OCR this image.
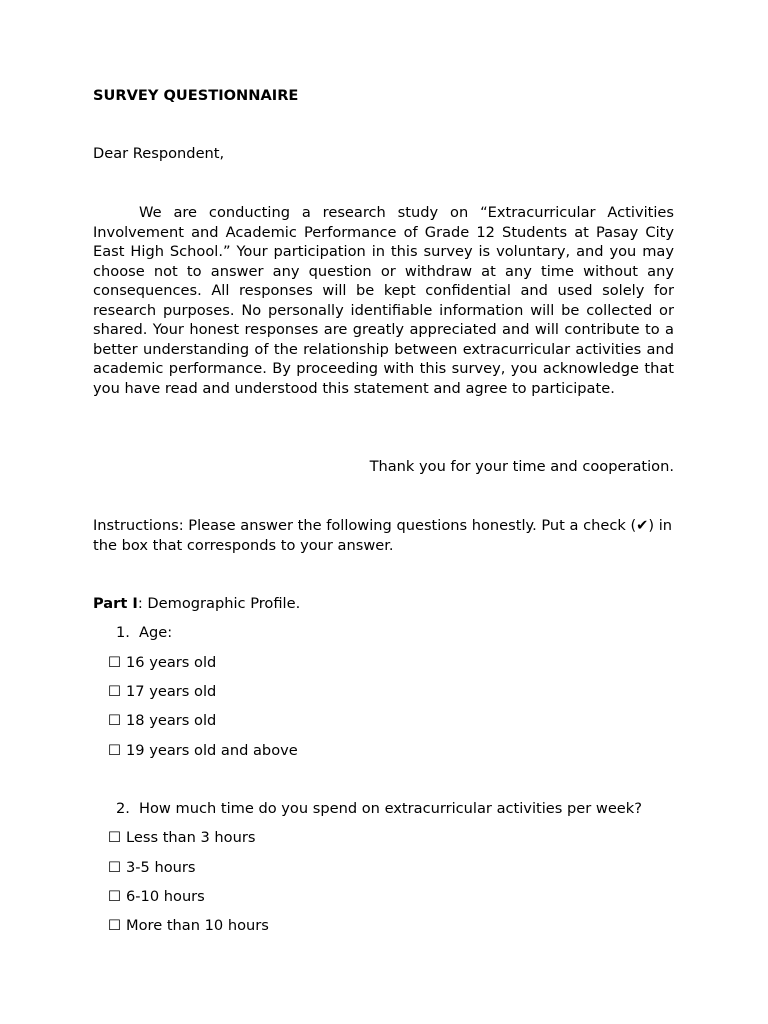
SURVEY QUESTIONNAIRE
Dear Respondent,
We are conducting a research study on “Extracurricular Activities Involvement and Academic Performance of Grade 12 Students at Pasay City East High School.” Your participation in this survey is voluntary, and you may choose not to answer any question or withdraw at any time without any consequences. All responses will be kept confidential and used solely for research purposes. No personally identifiable information will be collected or shared. Your honest responses are greatly appreciated and will contribute to a better understanding of the relationship between extracurricular activities and academic performance. By proceeding with this survey, you acknowledge that you have read and understood this statement and agree to participate.
Thank you for your time and cooperation.
Instructions: Please answer the following questions honestly. Put a check (✔) in the box that corresponds to your answer.
Part I: Demographic Profile.
1. Age:
☐ 16 years old
☐ 17 years old
☐ 18 years old
☐ 19 years old and above
2. How much time do you spend on extracurricular activities per week?
☐ Less than 3 hours
☐ 3-5 hours
☐ 6-10 hours
☐ More than 10 hours
